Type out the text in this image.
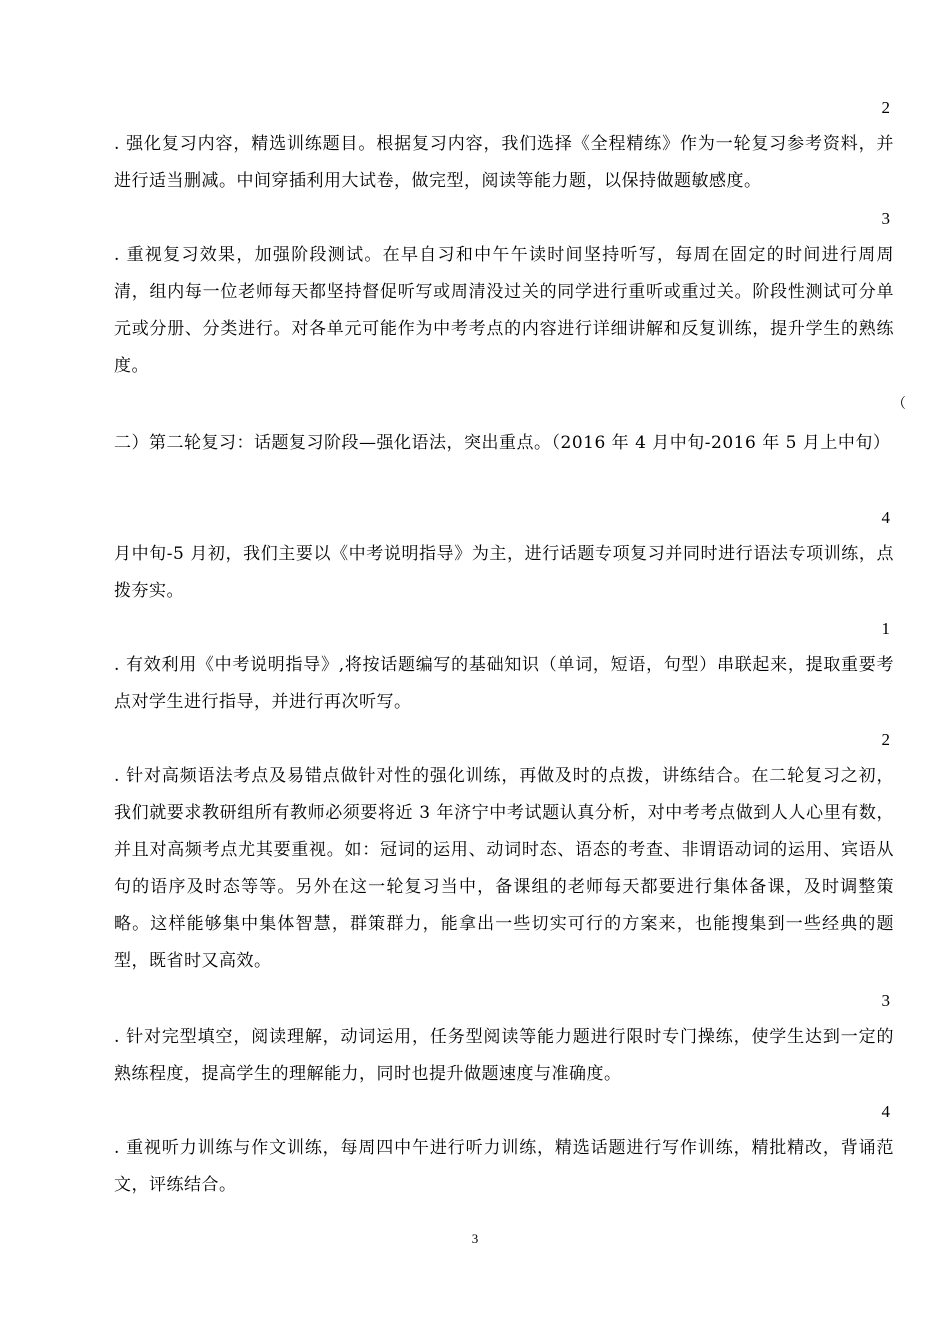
2

. 强化复习内容，精选训练题目。根据复习内容，我们选择《全程精练》作为一轮复习参考资料，并进行适当删减。中间穿插利用大试卷，做完型，阅读等能力题，以保持做题敏感度。

3

. 重视复习效果，加强阶段测试。在早自习和中午午读时间坚持听写，每周在固定的时间进行周周清，组内每一位老师每天都坚持督促听写或周清没过关的同学进行重听或重过关。阶段性测试可分单元或分册、分类进行。对各单元可能作为中考考点的内容进行详细讲解和反复训练，提升学生的熟练度。

（

二）第二轮复习：话题复习阶段—强化语法，突出重点。（2016 年 4 月中旬-2016 年 5 月上中旬）

4

月中旬-5 月初，我们主要以《中考说明指导》为主，进行话题专项复习并同时进行语法专项训练，点拨夯实。

1

. 有效利用《中考说明指导》,将按话题编写的基础知识（单词，短语，句型）串联起来，提取重要考点对学生进行指导，并进行再次听写。

2

. 针对高频语法考点及易错点做针对性的强化训练，再做及时的点拨，讲练结合。在二轮复习之初，我们就要求教研组所有教师必须要将近 3 年济宁中考试题认真分析，对中考考点做到人人心里有数，并且对高频考点尤其要重视。如：冠词的运用、动词时态、语态的考查、非谓语动词的运用、宾语从句的语序及时态等等。另外在这一轮复习当中，备课组的老师每天都要进行集体备课，及时调整策略。这样能够集中集体智慧，群策群力，能拿出一些切实可行的方案来，也能搜集到一些经典的题型，既省时又高效。

3

. 针对完型填空，阅读理解，动词运用，任务型阅读等能力题进行限时专门操练，使学生达到一定的熟练程度，提高学生的理解能力，同时也提升做题速度与准确度。

4

. 重视听力训练与作文训练，每周四中午进行听力训练，精选话题进行写作训练，精批精改，背诵范文，评练结合。

3
